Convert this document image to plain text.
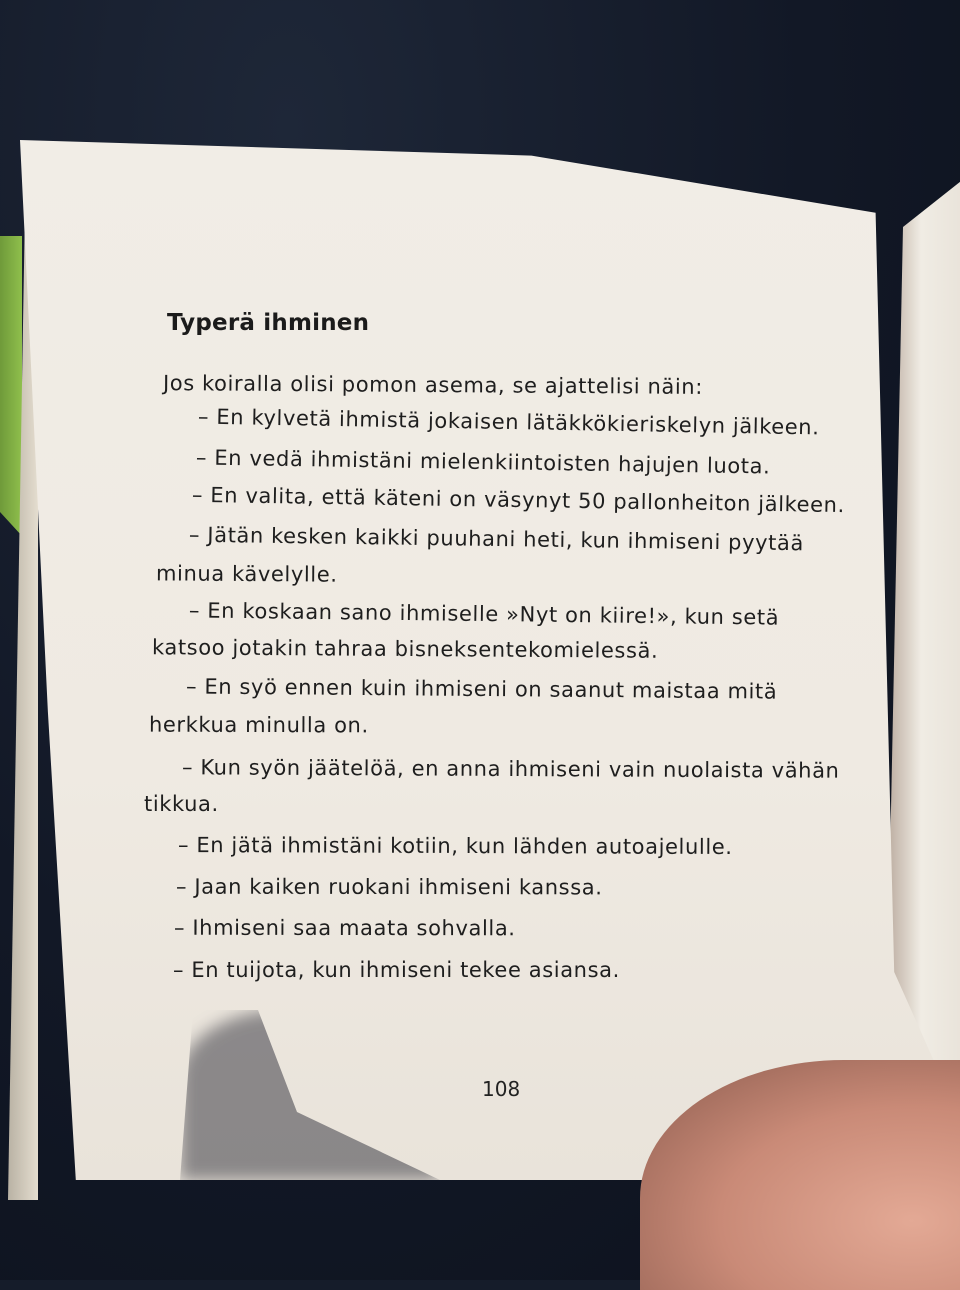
Typerä ihminen
Jos koiralla olisi pomon asema, se ajattelisi näin:
– En kylvetä ihmistä jokaisen lätäkkökieriskelyn jälkeen.
– En vedä ihmistäni mielenkiintoisten hajujen luota.
– En valita, että käteni on väsynyt 50 pallonheiton jälkeen.
– Jätän kesken kaikki puuhani heti, kun ihmiseni pyytää
minua kävelylle.
– En koskaan sano ihmiselle »Nyt on kiire!», kun setä
katsoo jotakin tahraa bisneksentekomielessä.
– En syö ennen kuin ihmiseni on saanut maistaa mitä
herkkua minulla on.
– Kun syön jäätelöä, en anna ihmiseni vain nuolaista vähän
tikkua.
– En jätä ihmistäni kotiin, kun lähden autoajelulle.
– Jaan kaiken ruokani ihmiseni kanssa.
– Ihmiseni saa maata sohvalla.
– En tuijota, kun ihmiseni tekee asiansa.
108
